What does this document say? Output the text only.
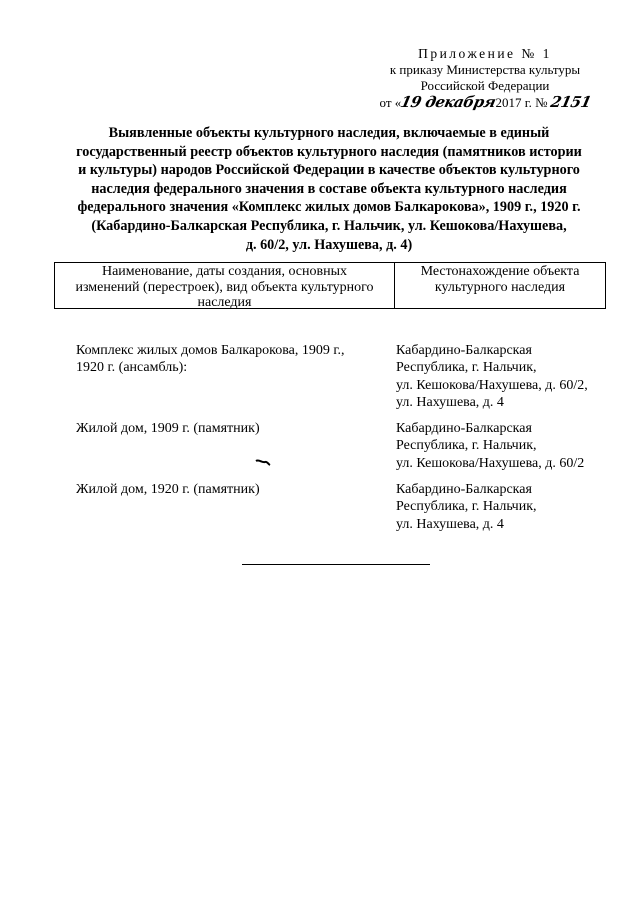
Приложение № 1
к приказу Министерства культуры
Российской Федерации
от «19 декабря2017 г. № 2151
Выявленные объекты культурного наследия, включаемые в единый
государственный реестр объектов культурного наследия (памятников истории
и культуры) народов Российской Федерации в качестве объектов культурного
наследия федерального значения в составе объекта культурного наследия
федерального значения «Комплекс жилых домов Балкарокова», 1909 г., 1920 г.
(Кабардино-Балкарская Республика, г. Нальчик, ул. Кешокова/Нахушева,
д. 60/2, ул. Нахушева, д. 4)
Наименование, даты создания, основных
изменений (перестроек), вид объекта культурного
наследия
Местонахождение объекта
культурного наследия
Комплекс жилых домов Балкарокова, 1909 г.,
1920 г. (ансамбль):
Кабардино-Балкарская
Республика, г. Нальчик,
ул. Кешокова/Нахушева, д. 60/2,
ул. Нахушева, д. 4
Жилой дом, 1909 г. (памятник)	Кабардино-Балкарская
Республика, г. Нальчик,
ул. Кешокова/Нахушева, д. 60/2
Жилой дом, 1920 г. (памятник)	Кабардино-Балкарская
Республика, г. Нальчик,
ул. Нахушева, д. 4
